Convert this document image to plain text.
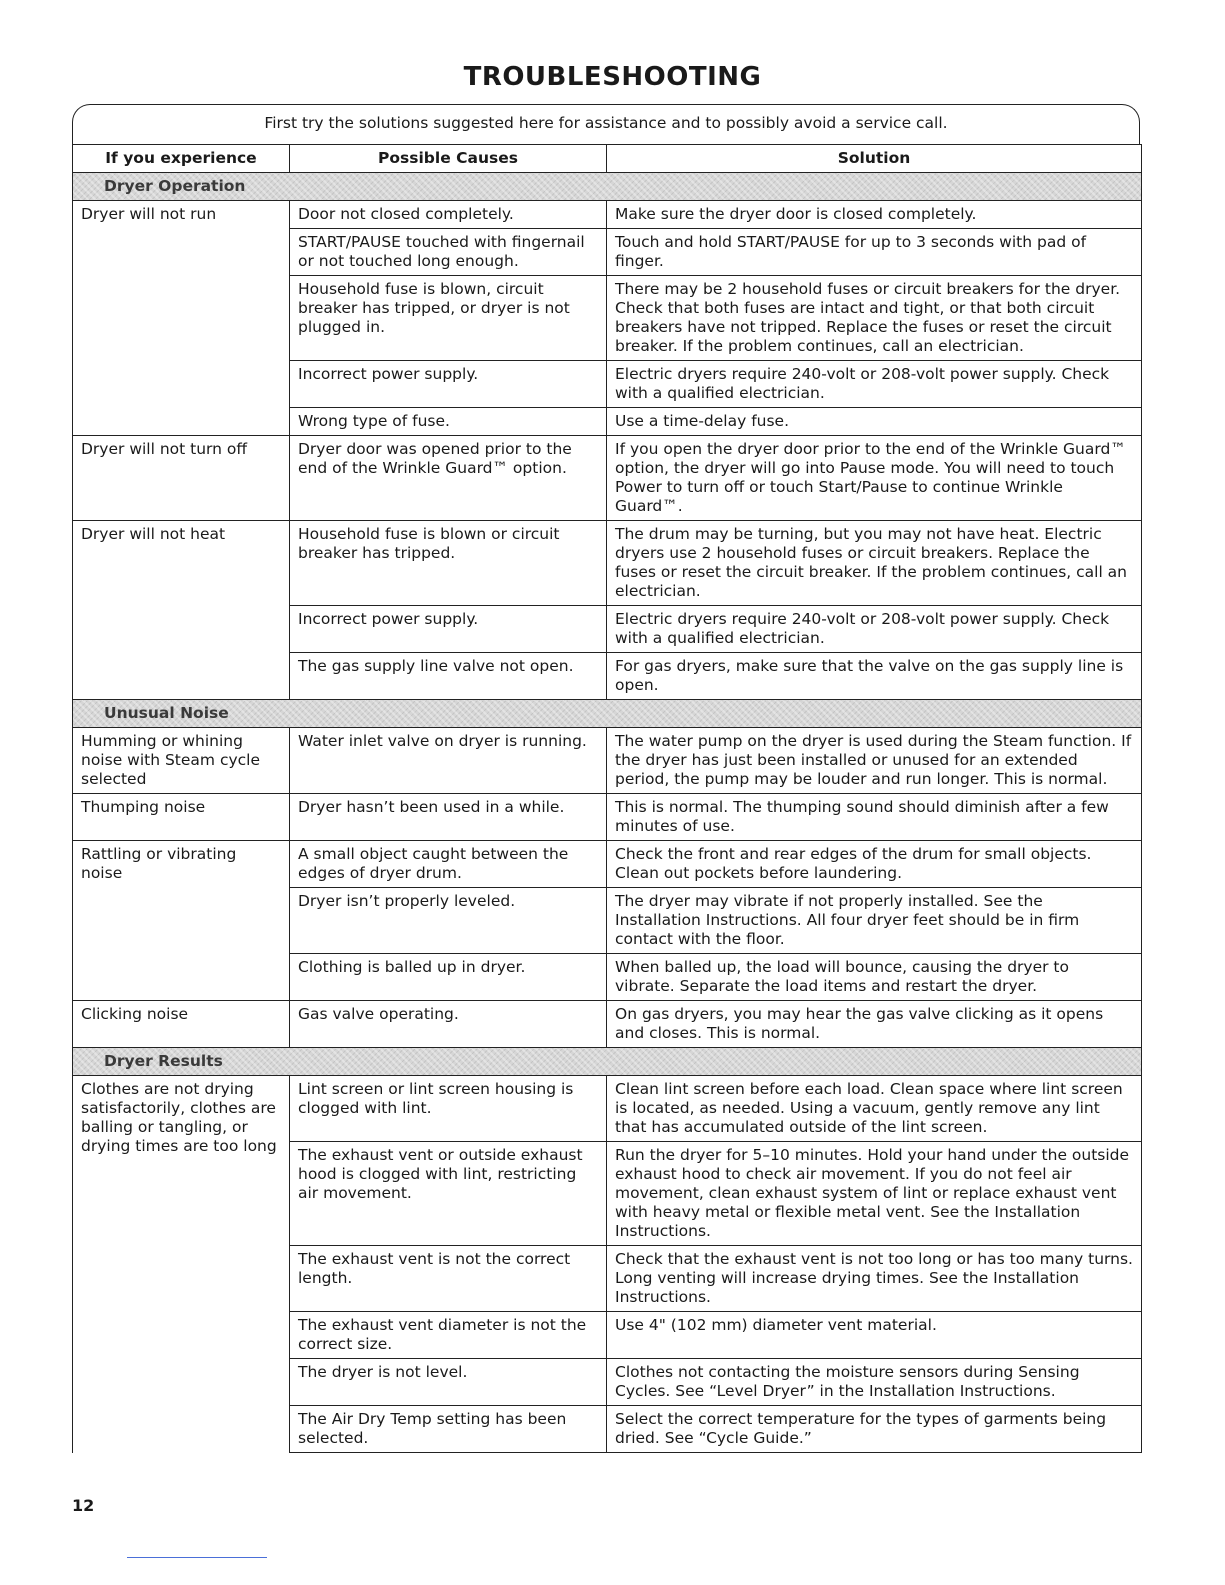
TROUBLESHOOTING
First try the solutions suggested here for assistance and to possibly avoid a service call.
If you experience	Possible Causes	Solution
Dryer Operation		
Dryer will not run	Door not closed completely.	Make sure the dryer door is closed completely.
	START/PAUSE touched with fingernail or not touched long enough.	Touch and hold START/PAUSE for up to 3 seconds with pad of finger.
	Household fuse is blown, circuit breaker has tripped, or dryer is not plugged in.	There may be 2 household fuses or circuit breakers for the dryer. Check that both fuses are intact and tight, or that both circuit breakers have not tripped. Replace the fuses or reset the circuit breaker. If the problem continues, call an electrician.
	Incorrect power supply.	Electric dryers require 240-volt or 208-volt power supply. Check with a qualified electrician.
	Wrong type of fuse.	Use a time-delay fuse.
Dryer will not turn off	Dryer door was opened prior to the end of the Wrinkle Guard™ option.	If you open the dryer door prior to the end of the Wrinkle Guard™ option, the dryer will go into Pause mode. You will need to touch Power to turn off or touch Start/Pause to continue Wrinkle Guard™.
Dryer will not heat	Household fuse is blown or circuit breaker has tripped.	The drum may be turning, but you may not have heat. Electric dryers use 2 household fuses or circuit breakers. Replace the fuses or reset the circuit breaker. If the problem continues, call an electrician.
	Incorrect power supply.	Electric dryers require 240-volt or 208-volt power supply. Check with a qualified electrician.
	The gas supply line valve not open.	For gas dryers, make sure that the valve on the gas supply line is open.
Unusual Noise		
Humming or whining noise with Steam cycle selected	Water inlet valve on dryer is running.	The water pump on the dryer is used during the Steam function. If the dryer has just been installed or unused for an extended period, the pump may be louder and run longer. This is normal.
Thumping noise	Dryer hasn’t been used in a while.	This is normal. The thumping sound should diminish after a few minutes of use.
Rattling or vibrating noise	A small object caught between the edges of dryer drum.	Check the front and rear edges of the drum for small objects. Clean out pockets before laundering.
	Dryer isn’t properly leveled.	The dryer may vibrate if not properly installed. See the Installation Instructions. All four dryer feet should be in firm contact with the floor.
	Clothing is balled up in dryer.	When balled up, the load will bounce, causing the dryer to vibrate. Separate the load items and restart the dryer.
Clicking noise	Gas valve operating.	On gas dryers, you may hear the gas valve clicking as it opens and closes. This is normal.
Dryer Results		
Clothes are not drying satisfactorily, clothes are balling or tangling, or drying times are too long	Lint screen or lint screen housing is clogged with lint.	Clean lint screen before each load. Clean space where lint screen is located, as needed. Using a vacuum, gently remove any lint that has accumulated outside of the lint screen.
	The exhaust vent or outside exhaust hood is clogged with lint, restricting air movement.	Run the dryer for 5–10 minutes. Hold your hand under the outside exhaust hood to check air movement. If you do not feel air movement, clean exhaust system of lint or replace exhaust vent with heavy metal or flexible metal vent. See the Installation Instructions.
	The exhaust vent is not the correct length.	Check that the exhaust vent is not too long or has too many turns. Long venting will increase drying times. See the Installation Instructions.
	The exhaust vent diameter is not the correct size.	Use 4" (102 mm) diameter vent material.
	The dryer is not level.	Clothes not contacting the moisture sensors during Sensing Cycles. See “Level Dryer” in the Installation Instructions.
	The Air Dry Temp setting has been selected.	Select the correct temperature for the types of garments being dried. See “Cycle Guide.”
12
